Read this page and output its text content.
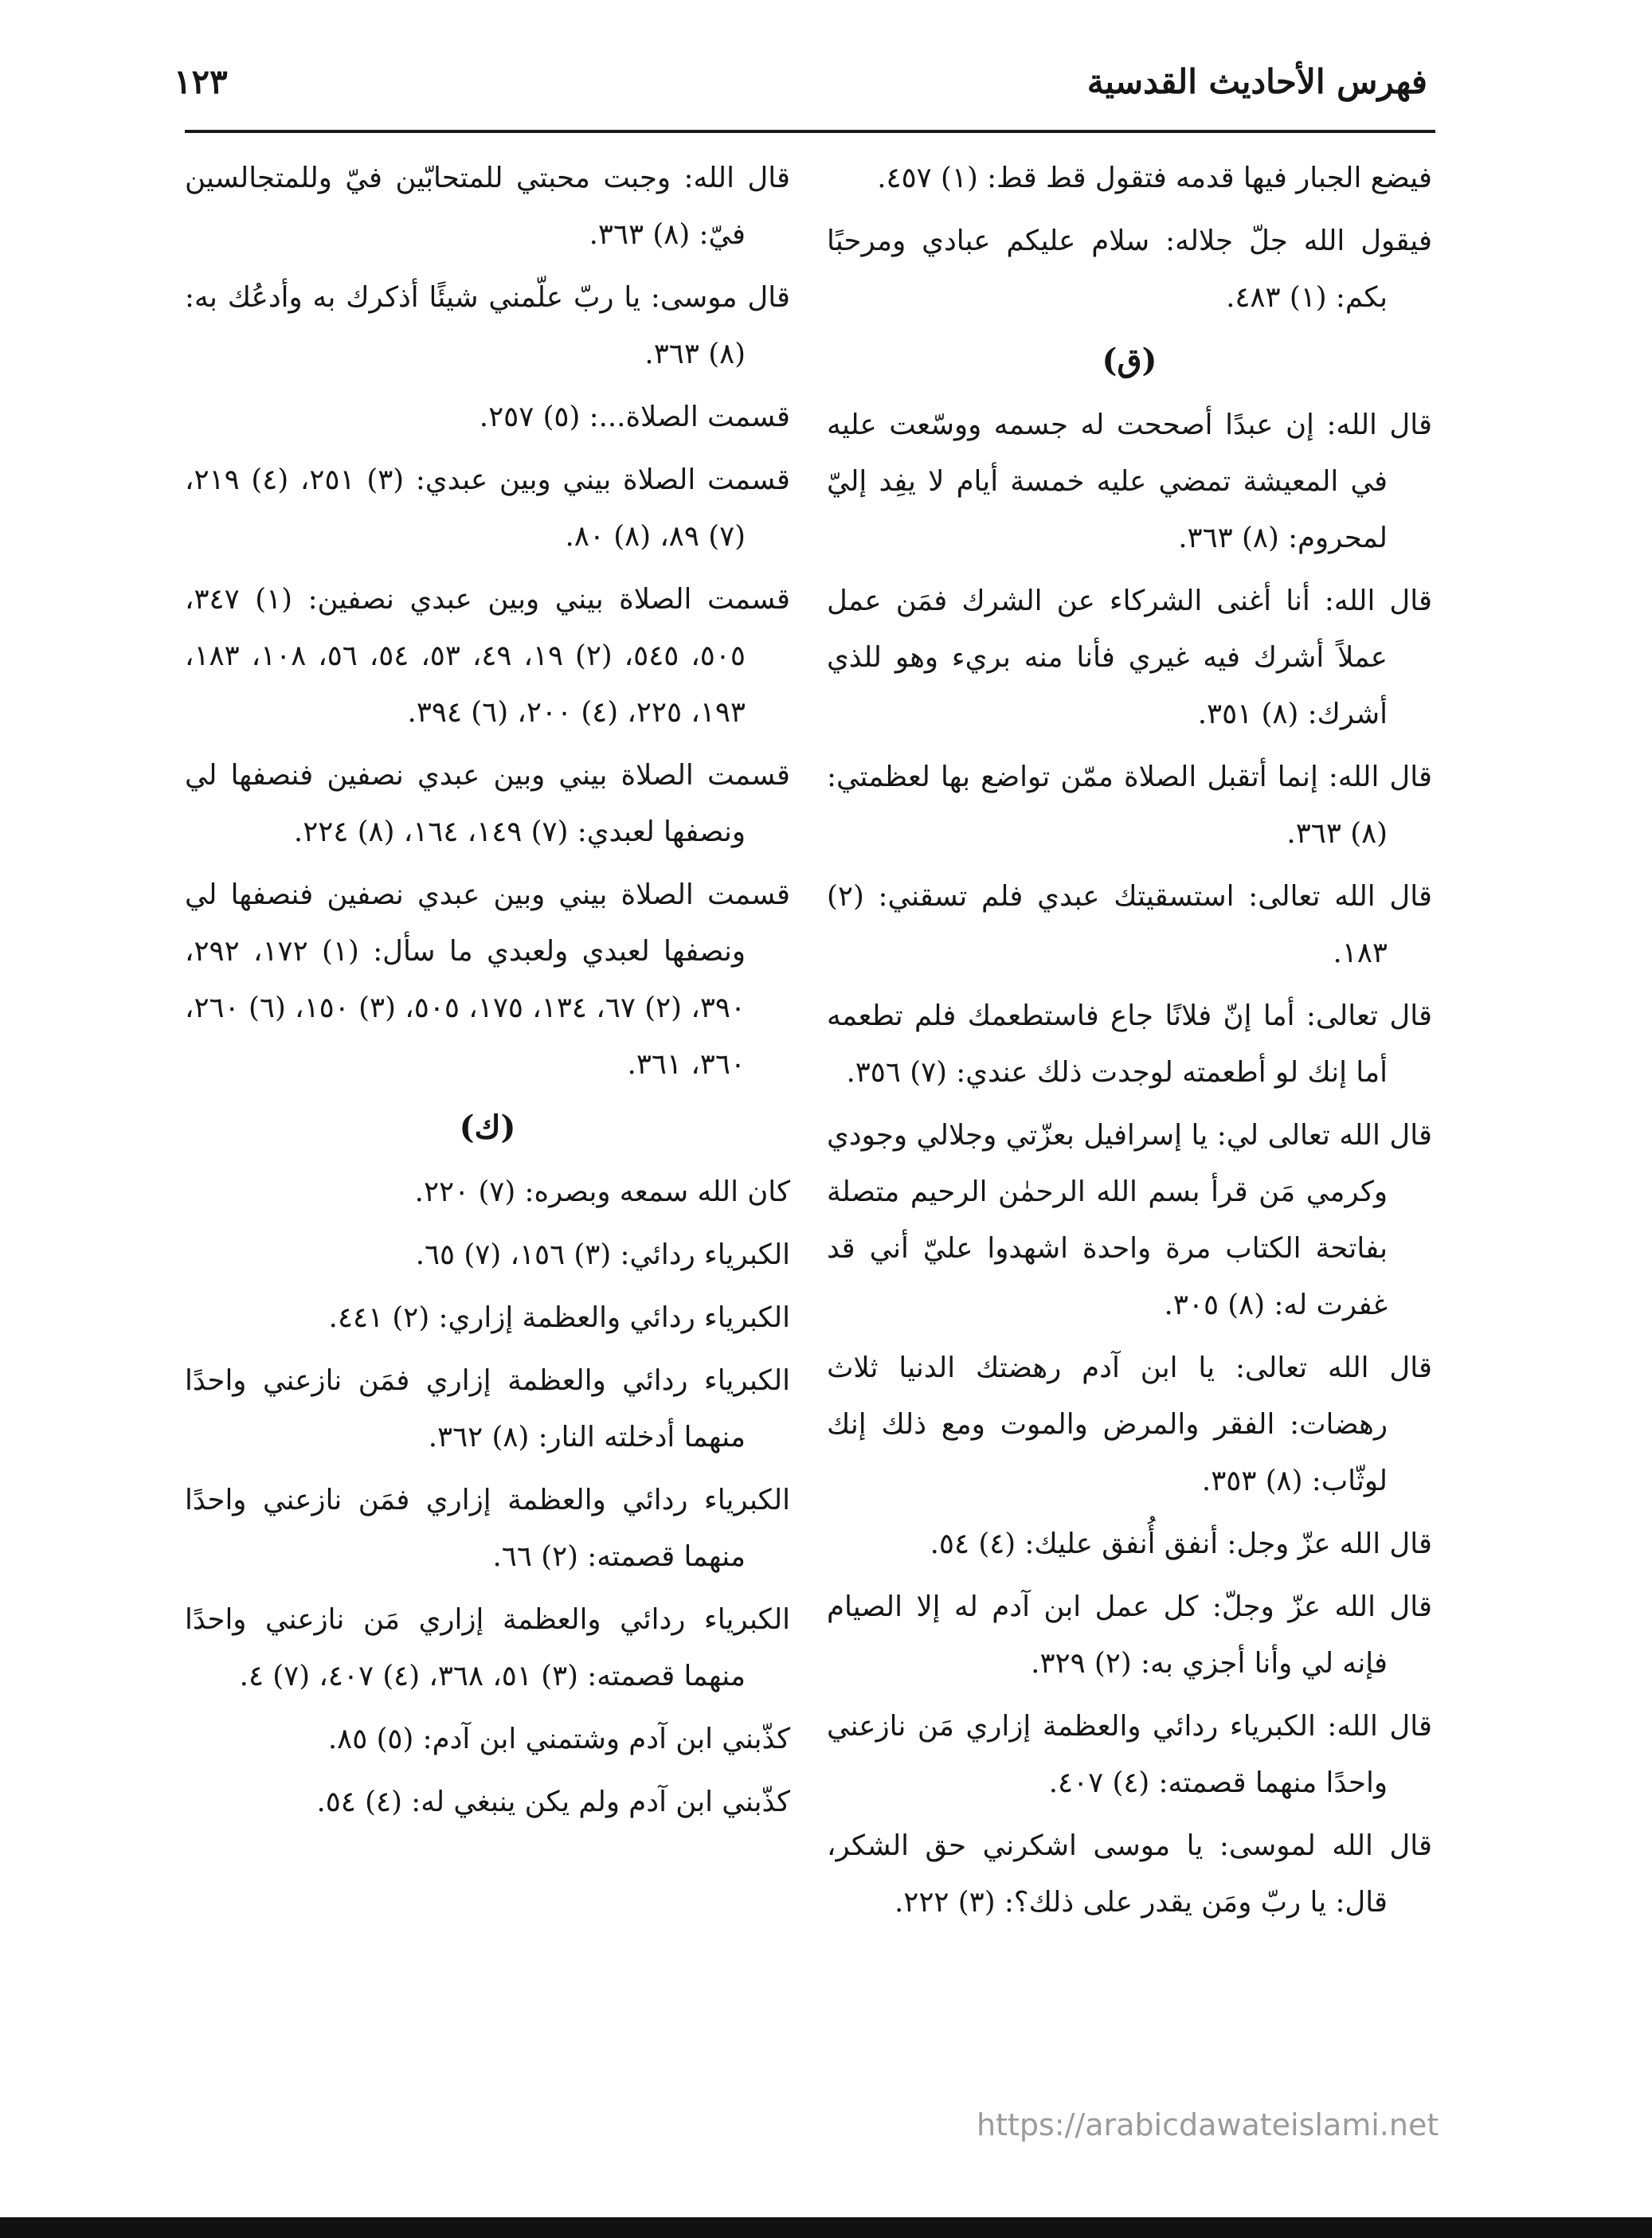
١٢٣	فهرس الأحاديث القدسية

فيضع الجبار فيها قدمه فتقول قط قط: (١) ٤٥٧.

فيقول الله جلّ جلاله: سلام عليكم عبادي ومرحبًا بكم: (١) ٤٨٣.

(ق)

قال الله: إن عبدًا أصححت له جسمه ووسّعت عليه في المعيشة تمضي عليه خمسة أيام لا يفِد إليّ لمحروم: (٨) ٣٦٣.

قال الله: أنا أغنى الشركاء عن الشرك فمَن عمل عملاً أشرك فيه غيري فأنا منه بريء وهو للذي أشرك: (٨) ٣٥١.

قال الله: إنما أتقبل الصلاة ممّن تواضع بها لعظمتي: (٨) ٣٦٣.

قال الله تعالى: استسقيتك عبدي فلم تسقني: (٢) ١٨٣.

قال تعالى: أما إنّ فلانًا جاع فاستطعمك فلم تطعمه أما إنك لو أطعمته لوجدت ذلك عندي: (٧) ٣٥٦.

قال الله تعالى لي: يا إسرافيل بعزّتي وجلالي وجودي وكرمي مَن قرأ بسم الله الرحمٰن الرحيم متصلة بفاتحة الكتاب مرة واحدة اشهدوا عليّ أني قد غفرت له: (٨) ٣٠٥.

قال الله تعالى: يا ابن آدم رهضتك الدنيا ثلاث رهضات: الفقر والمرض والموت ومع ذلك إنك لوثّاب: (٨) ٣٥٣.

قال الله عزّ وجل: أنفق أُنفق عليك: (٤) ٥٤.

قال الله عزّ وجلّ: كل عمل ابن آدم له إلا الصيام فإنه لي وأنا أجزي به: (٢) ٣٢٩.

قال الله: الكبرياء ردائي والعظمة إزاري مَن نازعني واحدًا منهما قصمته: (٤) ٤٠٧.

قال الله لموسى: يا موسى اشكرني حق الشكر، قال: يا ربّ ومَن يقدر على ذلك؟: (٣) ٢٢٢.

قال الله: وجبت محبتي للمتحابّين فيّ وللمتجالسين فيّ: (٨) ٣٦٣.

قال موسى: يا ربّ علّمني شيئًا أذكرك به وأدعُك به: (٨) ٣٦٣.

قسمت الصلاة...: (٥) ٢٥٧.

قسمت الصلاة بيني وبين عبدي: (٣) ٢٥١، (٤) ٢١٩، (٧) ٨٩، (٨) ٨٠.

قسمت الصلاة بيني وبين عبدي نصفين: (١) ٣٤٧، ٥٠٥، ٥٤٥، (٢) ١٩، ٤٩، ٥٣، ٥٤، ٥٦، ١٠٨، ١٨٣، ١٩٣، ٢٢٥، (٤) ٢٠٠، (٦) ٣٩٤.

قسمت الصلاة بيني وبين عبدي نصفين فنصفها لي ونصفها لعبدي: (٧) ١٤٩، ١٦٤، (٨) ٢٢٤.

قسمت الصلاة بيني وبين عبدي نصفين فنصفها لي ونصفها لعبدي ولعبدي ما سأل: (١) ١٧٢، ٢٩٢، ٣٩٠، (٢) ٦٧، ١٣٤، ١٧٥، ٥٠٥، (٣) ١٥٠، (٦) ٢٦٠، ٣٦٠، ٣٦١.

(ك)

كان الله سمعه وبصره: (٧) ٢٢٠.

الكبرياء ردائي: (٣) ١٥٦، (٧) ٦٥.

الكبرياء ردائي والعظمة إزاري: (٢) ٤٤١.

الكبرياء ردائي والعظمة إزاري فمَن نازعني واحدًا منهما أدخلته النار: (٨) ٣٦٢.

الكبرياء ردائي والعظمة إزاري فمَن نازعني واحدًا منهما قصمته: (٢) ٦٦.

الكبرياء ردائي والعظمة إزاري مَن نازعني واحدًا منهما قصمته: (٣) ٥١، ٣٦٨، (٤) ٤٠٧، (٧) ٤.

كذّبني ابن آدم وشتمني ابن آدم: (٥) ٨٥.

كذّبني ابن آدم ولم يكن ينبغي له: (٤) ٥٤.

https://arabicdawateislami.net
